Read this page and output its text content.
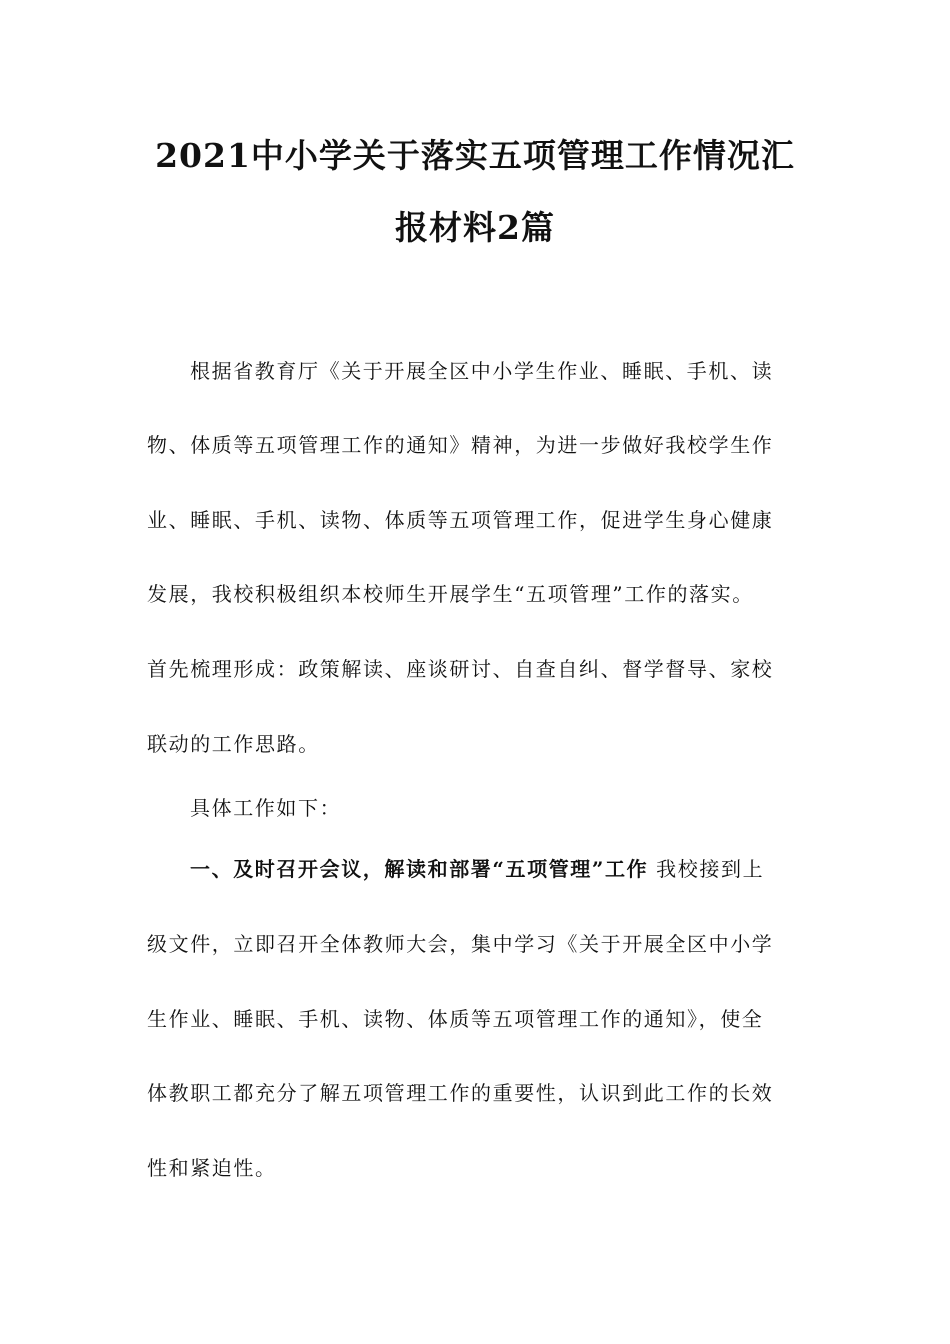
2021中小学关于落实五项管理工作情况汇
报材料2篇
根据省教育厅《关于开展全区中小学生作业、睡眠、手机、读
物、体质等五项管理工作的通知》精神，为进一步做好我校学生作
业、睡眠、手机、读物、体质等五项管理工作，促进学生身心健康
发展，我校积极组织本校师生开展学生“五项管理”工作的落实。
首先梳理形成：政策解读、座谈研讨、自查自纠、督学督导、家校
联动的工作思路。
具体工作如下：
一、及时召开会议，解读和部署“五项管理”工作 我校接到上
级文件，立即召开全体教师大会，集中学习《关于开展全区中小学
生作业、睡眠、手机、读物、体质等五项管理工作的通知》，使全
体教职工都充分了解五项管理工作的重要性，认识到此工作的长效
性和紧迫性。
